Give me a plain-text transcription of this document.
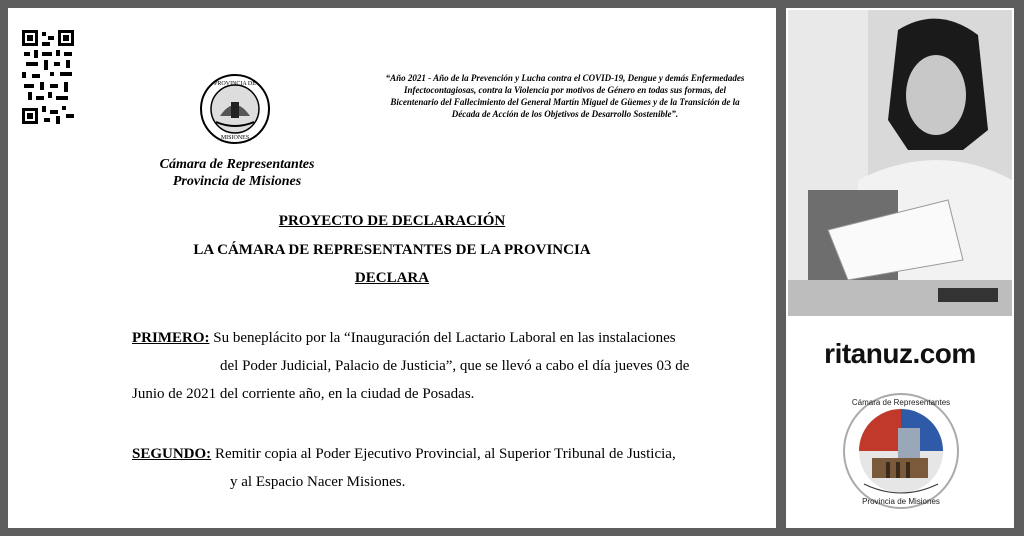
PROVINCIA DE
MISIONES
Cámara de Representantes
Provincia de Misiones
“Año 2021 - Año de la Prevención y Lucha contra el COVID-19, Dengue y demás Enfermedades Infectocontagiosas, contra la Violencia por motivos de Género en todas sus formas, del Bicentenario del Fallecimiento del General Martín Miguel de Güemes y de la Transición de la Década de Acción de los Objetivos de Desarrollo Sostenible”.
PROYECTO DE DECLARACIÓN
LA CÁMARA DE REPRESENTANTES DE LA PROVINCIA
DECLARA
PRIMERO: Su beneplácito por la “Inauguración del Lactario Laboral en las instalaciones
del Poder Judicial, Palacio de Justicia”, que se llevó a cabo el día jueves 03 de
Junio de 2021 del corriente año, en la ciudad de Posadas.
SEGUNDO: Remitir copia al Poder Ejecutivo Provincial, al Superior Tribunal de Justicia,
y al Espacio Nacer Misiones.
ritanuz.com
Cámara de Representantes
Provincia de Misiones
